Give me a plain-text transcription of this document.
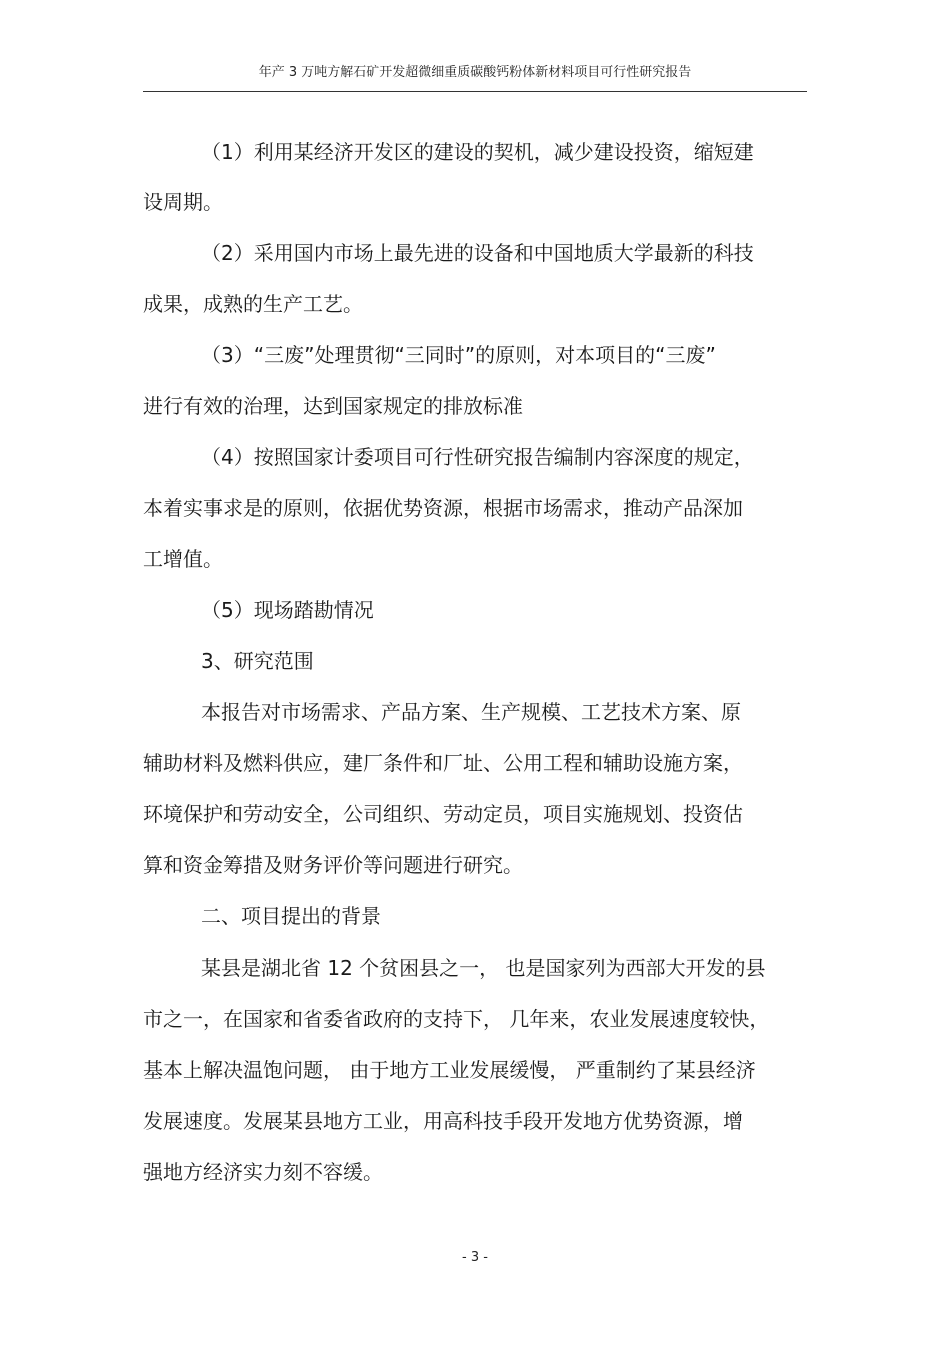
年产 3 万吨方解石矿开发超微细重质碳酸钙粉体新材料项目可行性研究报告
（1）利用某经济开发区的建设的契机，减少建设投资，缩短建
设周期。
（2）采用国内市场上最先进的设备和中国地质大学最新的科技
成果，成熟的生产工艺。
（3）“三废”处理贯彻“三同时”的原则，对本项目的“三废”
进行有效的治理，达到国家规定的排放标准
（4）按照国家计委项目可行性研究报告编制内容深度的规定，
本着实事求是的原则，依据优势资源，根据市场需求，推动产品深加
工增值。
（5）现场踏勘情况
3、研究范围
本报告对市场需求、产品方案、生产规模、工艺技术方案、原
辅助材料及燃料供应，建厂条件和厂址、公用工程和辅助设施方案，
环境保护和劳动安全，公司组织、劳动定员，项目实施规划、投资估
算和资金筹措及财务评价等问题进行研究。
二、项目提出的背景
某县是湖北省 12 个贫困县之一， 也是国家列为西部大开发的县
市之一，在国家和省委省政府的支持下， 几年来，农业发展速度较快，
基本上解决温饱问题， 由于地方工业发展缓慢， 严重制约了某县经济
发展速度。发展某县地方工业，用高科技手段开发地方优势资源，增
强地方经济实力刻不容缓。
- 3 -
